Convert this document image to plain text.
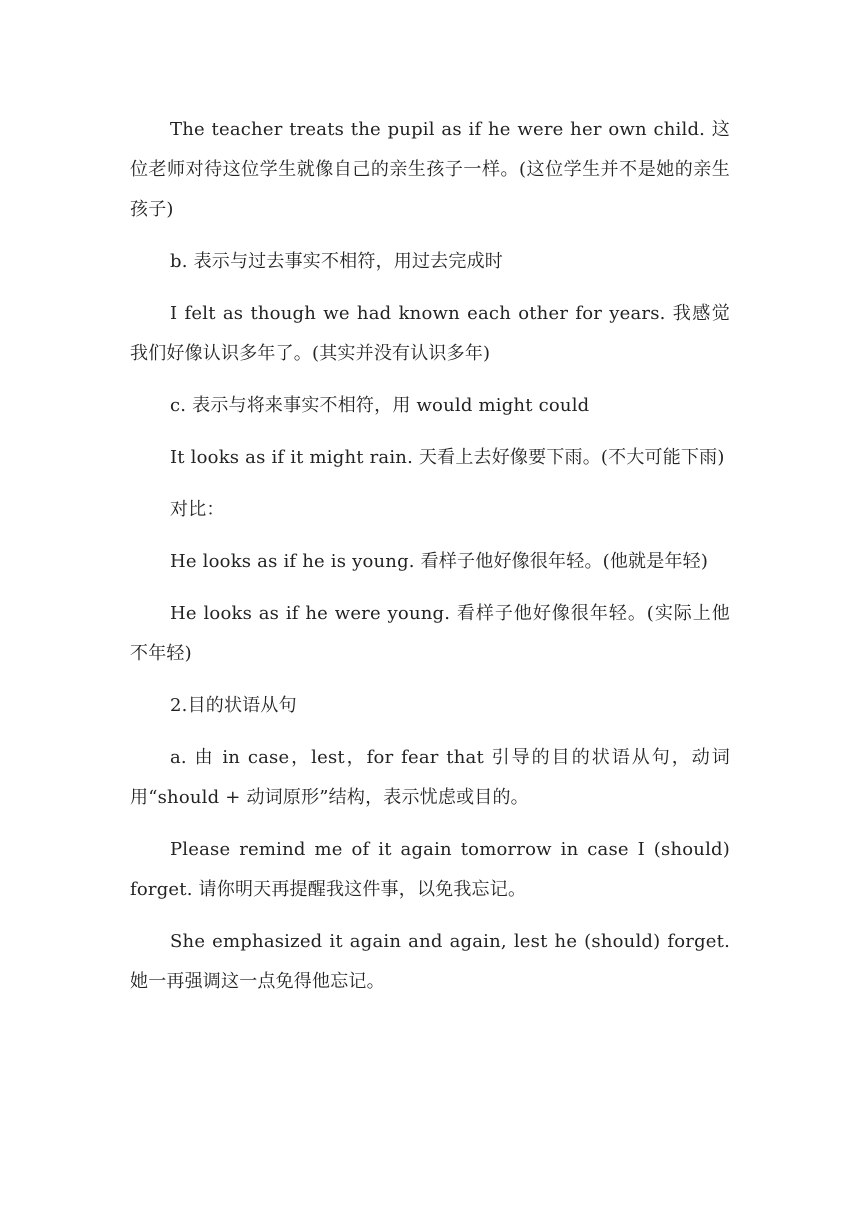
The teacher treats the pupil as if he were her own child. 这位老师对待这位学生就像自己的亲生孩子一样。(这位学生并不是她的亲生孩子)

b. 表示与过去事实不相符，用过去完成时

I felt as though we had known each other for years. 我感觉我们好像认识多年了。(其实并没有认识多年)

c. 表示与将来事实不相符，用 would might could

It looks as if it might rain. 天看上去好像要下雨。(不大可能下雨)

对比：

He looks as if he is young. 看样子他好像很年轻。(他就是年轻)

He looks as if he were young. 看样子他好像很年轻。(实际上他不年轻)

2.目的状语从句

a. 由 in case，lest，for fear that 引导的目的状语从句，动词用“should + 动词原形”结构，表示忧虑或目的。

Please remind me of it again tomorrow in case I (should) forget. 请你明天再提醒我这件事，以免我忘记。

She emphasized it again and again, lest he (should) forget. 她一再强调这一点免得他忘记。
